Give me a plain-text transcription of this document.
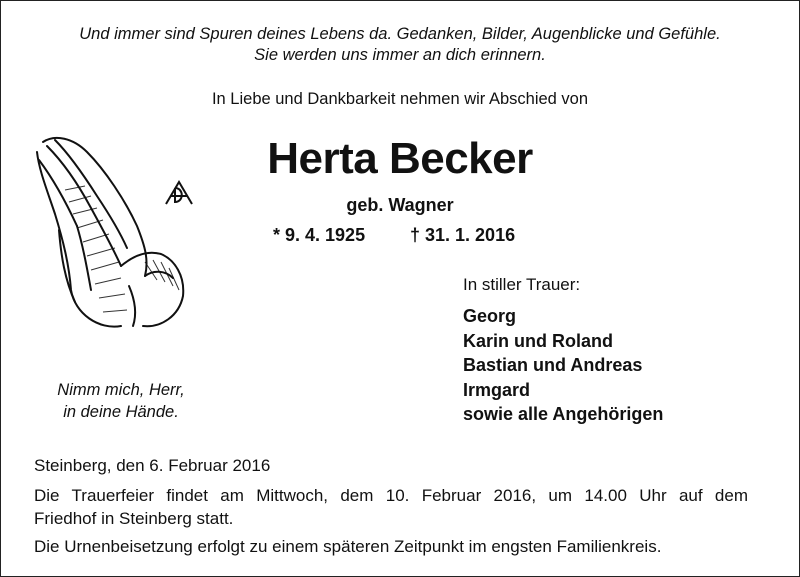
Und immer sind Spuren deines Lebens da. Gedanken, Bilder, Augenblicke und Gefühle.

Sie werden uns immer an dich erinnern.

In Liebe und Dankbarkeit nehmen wir Abschied von

Herta Becker

geb. Wagner

* 9. 4. 1925 † 31. 1. 2016

Nimm mich, Herr,

in deine Hände.

In stiller Trauer:

Georg
Karin und Roland
Bastian und Andreas
Irmgard
sowie alle Angehörigen

Steinberg, den 6. Februar 2016

Die Trauerfeier findet am Mittwoch, dem 10. Februar 2016, um 14.00 Uhr auf dem

Friedhof in Steinberg statt.

Die Urnenbeisetzung erfolgt zu einem späteren Zeitpunkt im engsten Familienkreis.
